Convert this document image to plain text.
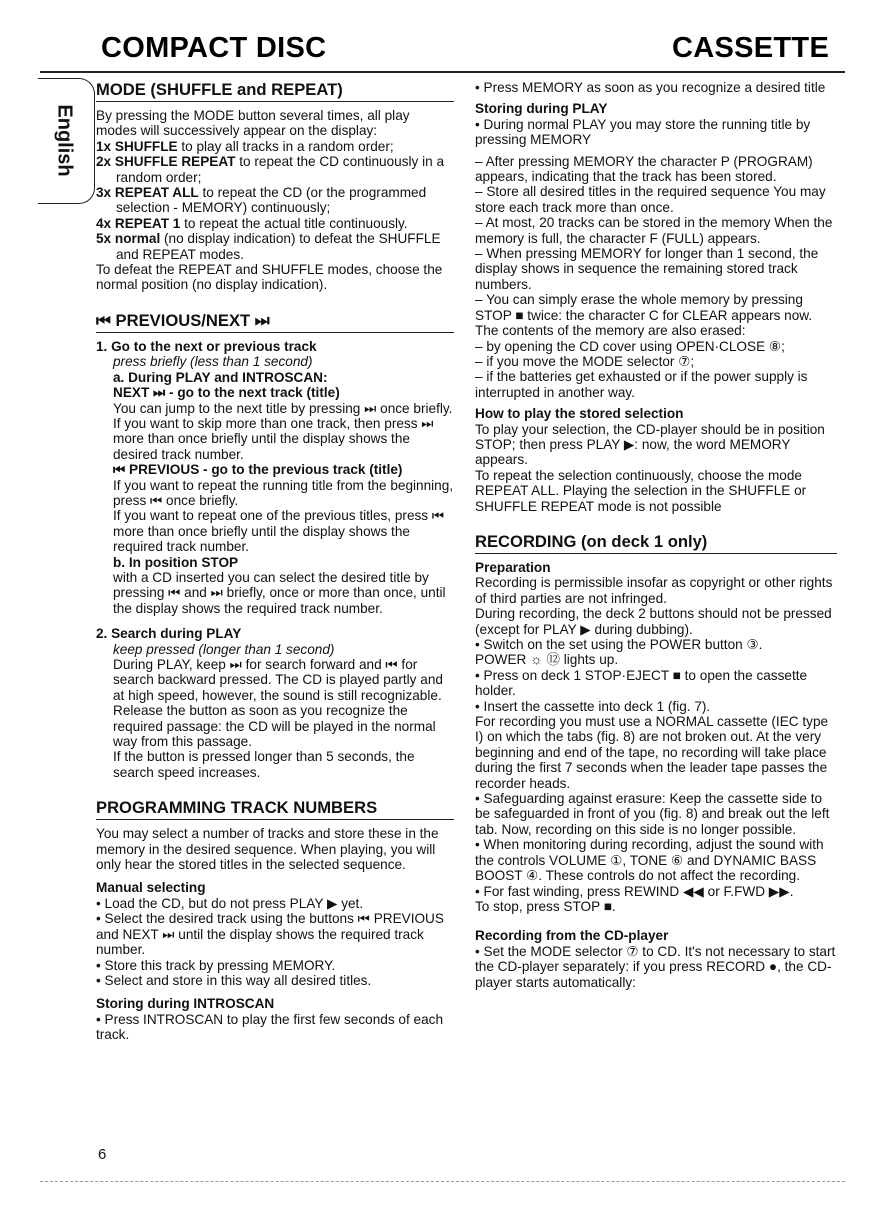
COMPACT DISC	CASSETTE
English
MODE (SHUFFLE and REPEAT)

By pressing the MODE button several times, all play modes will successively appear on the display:

1x SHUFFLE to play all tracks in a random order;

2x SHUFFLE REPEAT to repeat the CD continuously in a random order;

3x REPEAT ALL to repeat the CD (or the programmed selection - MEMORY) continuously;

4x REPEAT 1 to repeat the actual title continuously.

5x normal (no display indication) to defeat the SHUFFLE and REPEAT modes.

To defeat the REPEAT and SHUFFLE modes, choose the normal position (no display indication).

⏮ PREVIOUS/NEXT ⏭

1. Go to the next or previous track

press briefly (less than 1 second)

a. During PLAY and INTROSCAN:

NEXT ⏭ - go to the next track (title)

You can jump to the next title by pressing ⏭ once briefly.

If you want to skip more than one track, then press ⏭ more than once briefly until the display shows the desired track number.

⏮ PREVIOUS - go to the previous track (title)

If you want to repeat the running title from the beginning, press ⏮ once briefly.

If you want to repeat one of the previous titles, press ⏮ more than once briefly until the display shows the required track number.

b. In position STOP

with a CD inserted you can select the desired title by pressing ⏮ and ⏭ briefly, once or more than once, until the display shows the required track number.

2. Search during PLAY

keep pressed (longer than 1 second)

During PLAY, keep ⏭ for search forward and ⏮ for search backward pressed. The CD is played partly and at high speed, however, the sound is still recognizable.

Release the button as soon as you recognize the required passage: the CD will be played in the normal way from this passage.

If the button is pressed longer than 5 seconds, the search speed increases.

PROGRAMMING TRACK NUMBERS

You may select a number of tracks and store these in the memory in the desired sequence. When playing, you will only hear the stored titles in the selected sequence.

Manual selecting

• Load the CD, but do not press PLAY ▶ yet.

• Select the desired track using the buttons ⏮ PREVIOUS and NEXT ⏭ until the display shows the required track number.

• Store this track by pressing MEMORY.

• Select and store in this way all desired titles.

Storing during INTROSCAN

• Press INTROSCAN to play the first few seconds of each track.

• Press MEMORY as soon as you recognize a desired title

Storing during PLAY

• During normal PLAY you may store the running title by pressing MEMORY

– After pressing MEMORY the character P (PROGRAM) appears, indicating that the track has been stored.

– Store all desired titles in the required sequence You may store each track more than once.

– At most, 20 tracks can be stored in the memory When the memory is full, the character F (FULL) appears.

– When pressing MEMORY for longer than 1 second, the display shows in sequence the remaining stored track numbers.

– You can simply erase the whole memory by pressing STOP ■ twice: the character C for CLEAR appears now.

The contents of the memory are also erased:

– by opening the CD cover using OPEN·CLOSE ⑧;

– if you move the MODE selector ⑦;

– if the batteries get exhausted or if the power supply is interrupted in another way.

How to play the stored selection

To play your selection, the CD-player should be in position STOP; then press PLAY ▶: now, the word MEMORY appears.

To repeat the selection continuously, choose the mode REPEAT ALL. Playing the selection in the SHUFFLE or SHUFFLE REPEAT mode is not possible

RECORDING (on deck 1 only)

Preparation

Recording is permissible insofar as copyright or other rights of third parties are not infringed.

During recording, the deck 2 buttons should not be pressed (except for PLAY ▶ during dubbing).

• Switch on the set using the POWER button ③.

POWER ☼ ⑫ lights up.

• Press on deck 1 STOP·EJECT ■ to open the cassette holder.

• Insert the cassette into deck 1 (fig. 7).

For recording you must use a NORMAL cassette (IEC type I) on which the tabs (fig. 8) are not broken out. At the very beginning and end of the tape, no recording will take place during the first 7 seconds when the leader tape passes the recorder heads.

• Safeguarding against erasure: Keep the cassette side to be safeguarded in front of you (fig. 8) and break out the left tab. Now, recording on this side is no longer possible.

• When monitoring during recording, adjust the sound with the controls VOLUME ①, TONE ⑥ and DYNAMIC BASS BOOST ④. These controls do not affect the recording.

• For fast winding, press REWIND ◀◀ or F.FWD ▶▶.

To stop, press STOP ■.

Recording from the CD-player

• Set the MODE selector ⑦ to CD. It's not necessary to start the CD-player separately: if you press RECORD ●, the CD-player starts automatically:

6
